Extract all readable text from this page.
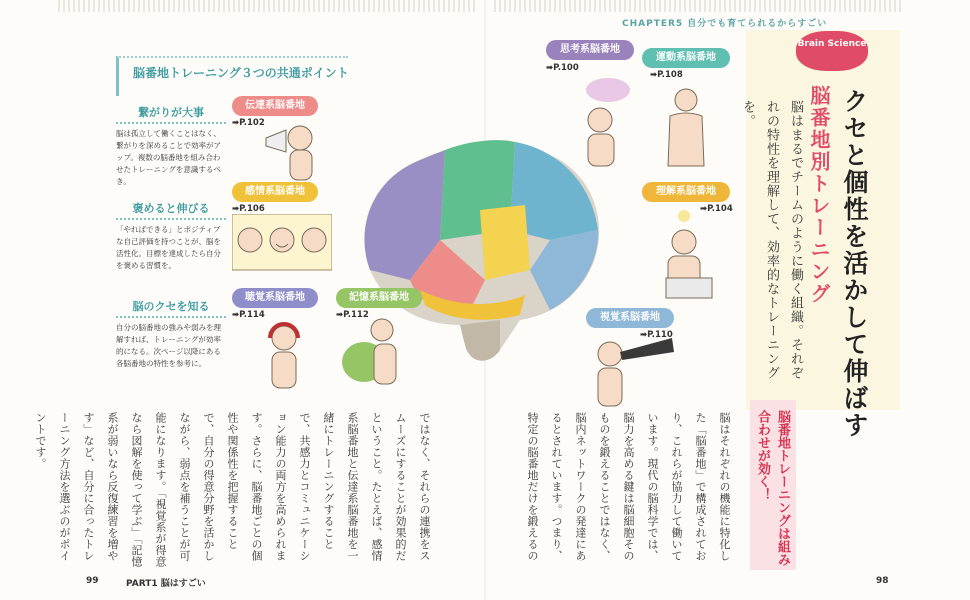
CHAPTER5 自分でも育てられるからすごい
Brain Science
クセと個性を活かして伸ばす
脳番地別トレーニング
脳はまるでチームのように働く組織。それぞれの特性を理解して、効率的なトレーニングを。
脳番地トレーニングは組み合わせが効く！
脳はそれぞれの機能に特化した「脳番地」で構成されており、これらが協力して働いています。現代の脳科学では、脳力を高める鍵は脳細胞そのものを鍛えることではなく、脳内ネットワークの発達にあるとされています。つまり、特定の脳番地だけを鍛えるの
ではなく、それらの連携をスムーズにすることが効果的だということ。たとえば、感情系脳番地と伝達系脳番地を一緒にトレーニングすることで、共感力とコミュニケーション能力の両方を高められます。さらに、脳番地ごとの個性や関係性を把握することで、自分の得意分野を活かしながら、弱点を補うことが可能になります。「視覚系が得意なら図解を使って学ぶ」「記憶系が弱いなら反復練習を増やす」など、自分に合ったトレーニング方法を選ぶのがポイントです。
脳番地トレーニング３つの共通ポイント
繋がりが大事
脳は孤立して働くことはなく、繋がりを深めることで効率がアップ。複数の脳番地を組み合わせたトレーニングを意識するべき。
褒めると伸びる
「やればできる」とポジティブな自己評価を持つことが、脳を活性化。目標を達成したら自分を褒める習慣を。
脳のクセを知る
自分の脳番地の強みや弱みを理解すれば、トレーニングが効率的になる。次ページ以降にある各脳番地の特性を参考に。
伝達系脳番地
➡P.102
感情系脳番地
➡P.106
聴覚系脳番地
➡P.114
記憶系脳番地
➡P.112
思考系脳番地
➡P.100
運動系脳番地
➡P.108
理解系脳番地
➡P.104
視覚系脳番地
➡P.110
99	PART1 脳はすごい	98
